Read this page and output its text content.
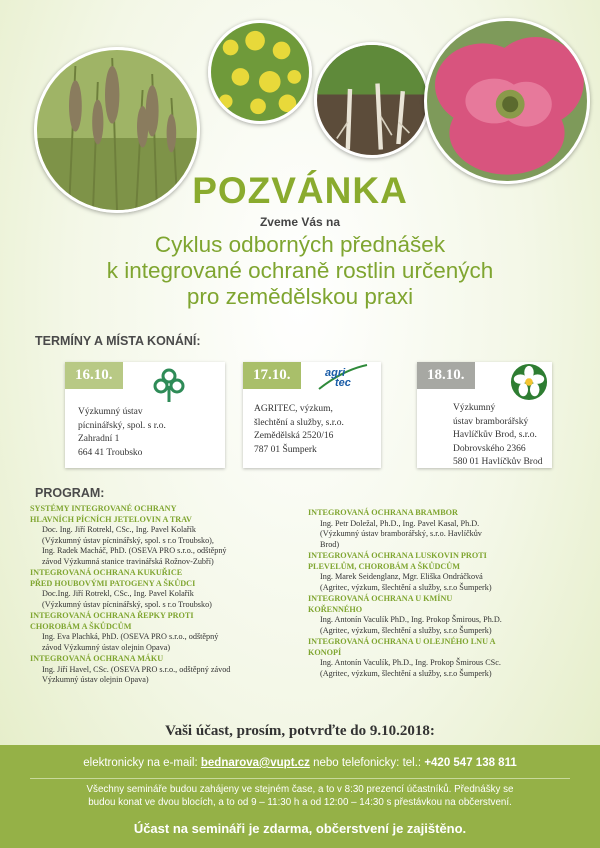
POZVÁNKA
Zveme Vás na
Cyklus odborných přednášek
k integrované ochraně rostlin určených
pro zemědělskou praxi
TERMÍNY A MÍSTA KONÁNÍ:
16.10.
Výzkumný ústav
pícninářský, spol. s r.o.
Zahradní 1
664 41 Troubsko
17.10.	agri
tec
AGRITEC, výzkum,
šlechtění a služby, s.r.o.
Zemědělská 2520/16
787 01 Šumperk
18.10.
Výzkumný
ústav bramborářský
Havlíčkův Brod, s.r.o.
Dobrovského 2366
580 01 Havlíčkův Brod
PROGRAM:
SYSTÉMY INTEGROVANÉ OCHRANY
HLAVNÍCH PÍCNÍCH JETELOVIN A TRAV
Doc. Ing. Jiří Rotrekl, CSc., Ing. Pavel Kolařík
(Výzkumný ústav pícninářský, spol. s r.o Troubsko),
Ing. Radek Macháč, PhD. (OSEVA PRO s.r.o., odštěpný
závod Výzkumná stanice travinářská Rožnov-Zubří)
INTEGROVANÁ OCHRANA KUKUŘICE
PŘED HOUBOVÝMI PATOGENY A ŠKŮDCI
Doc.Ing. Jiří Rotrekl, CSc., Ing. Pavel Kolařík
(Výzkumný ústav pícninářský, spol. s r.o Troubsko)
INTEGROVANÁ OCHRANA ŘEPKY PROTI
CHOROBÁM A ŠKŮDCŮM
Ing. Eva Plachká, PhD. (OSEVA PRO s.r.o., odštěpný
závod Výzkumný ústav olejnin Opava)
INTEGROVANÁ OCHRANA MÁKU
Ing. Jiří Havel, CSc. (OSEVA PRO s.r.o., odštěpný závod
Výzkumný ústav olejnin Opava)
INTEGROVANÁ OCHRANA BRAMBOR
Ing. Petr Doležal, Ph.D., Ing. Pavel Kasal, Ph.D.
(Výzkumný ústav bramborářský, s.r.o. Havlíčkův
Brod)
INTEGROVANÁ OCHRANA LUSKOVIN PROTI
PLEVELŮM, CHOROBÁM A ŠKŮDCŮM
Ing. Marek Seidenglanz, Mgr. Eliška Ondráčková
(Agritec, výzkum, šlechtění a služby, s.r.o Šumperk)
INTEGROVANÁ OCHRANA U KMÍNU
KOŘENNÉHO
Ing. Antonín Vaculík PhD., Ing. Prokop Šmirous, Ph.D.
(Agritec, výzkum, šlechtění a služby, s.r.o Šumperk)
INTEGROVANÁ OCHRANA U OLEJNÉHO LNU A
KONOPÍ
Ing. Antonín Vaculík, Ph.D., Ing. Prokop Šmirous CSc.
(Agritec, výzkum, šlechtění a služby, s.r.o Šumperk)
Vaši účast, prosím, potvrďte do 9.10.2018:
elektronicky na e-mail: bednarova@vupt.cz nebo telefonicky: tel.: +420 547 138 811
Všechny semináře budou zahájeny ve stejném čase, a to v 8:30 prezencí účastníků. Přednášky se
budou konat ve dvou blocích, a to od 9 – 11:30 h a od 12:00 – 14:30 s přestávkou na občerstvení.
Účast na semináři je zdarma, občerstvení je zajištěno.
